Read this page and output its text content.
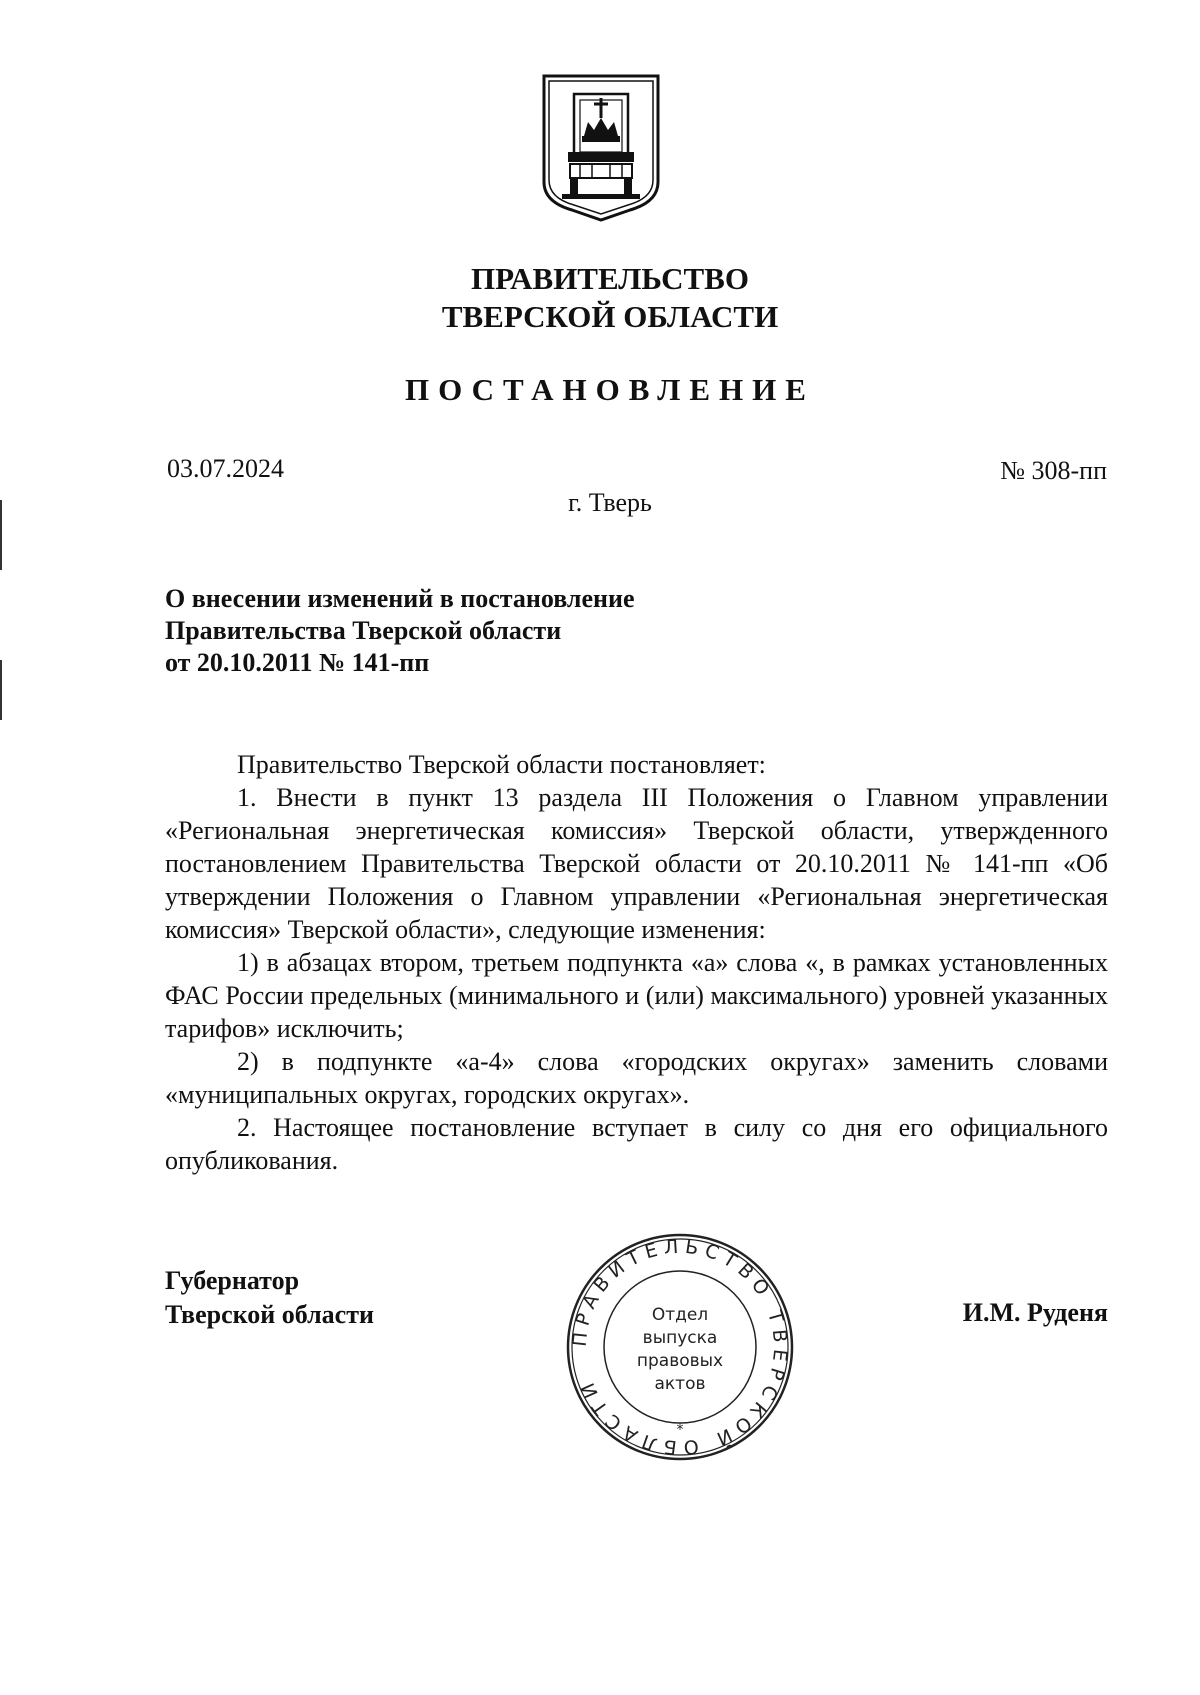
ПРАВИТЕЛЬСТВО
ТВЕРСКОЙ ОБЛАСТИ
ПОСТАНОВЛЕНИЕ
03.07.2024	№ 308-пп
г. Тверь
О внесении изменений в постановление
Правительства Тверской области
от 20.10.2011 № 141-пп

Правительство Тверской области постановляет:

1. Внести в пункт 13 раздела III Положения о Главном управлении «Региональная энергетическая комиссия» Тверской области, утвержденного постановлением Правительства Тверской области от 20.10.2011 № 141-пп «Об утверждении Положения о Главном управлении «Региональная энергетическая комиссия» Тверской области», следующие изменения:

1) в абзацах втором, третьем подпункта «а» слова «, в рамках установленных ФАС России предельных (минимального и (или) максимального) уровней указанных тарифов» исключить;

2) в подпункте «а-4» слова «городских округах» заменить словами «муниципальных округах, городских округах».

2. Настоящее постановление вступает в силу со дня его официального опубликования.

Губернатор
Тверской области	И.М. Руденя
ПРАВИТЕЛЬСТВО ТВЕРСКОЙ ОБЛАСТИ
*
Отдел
выпуска
правовых
актов
